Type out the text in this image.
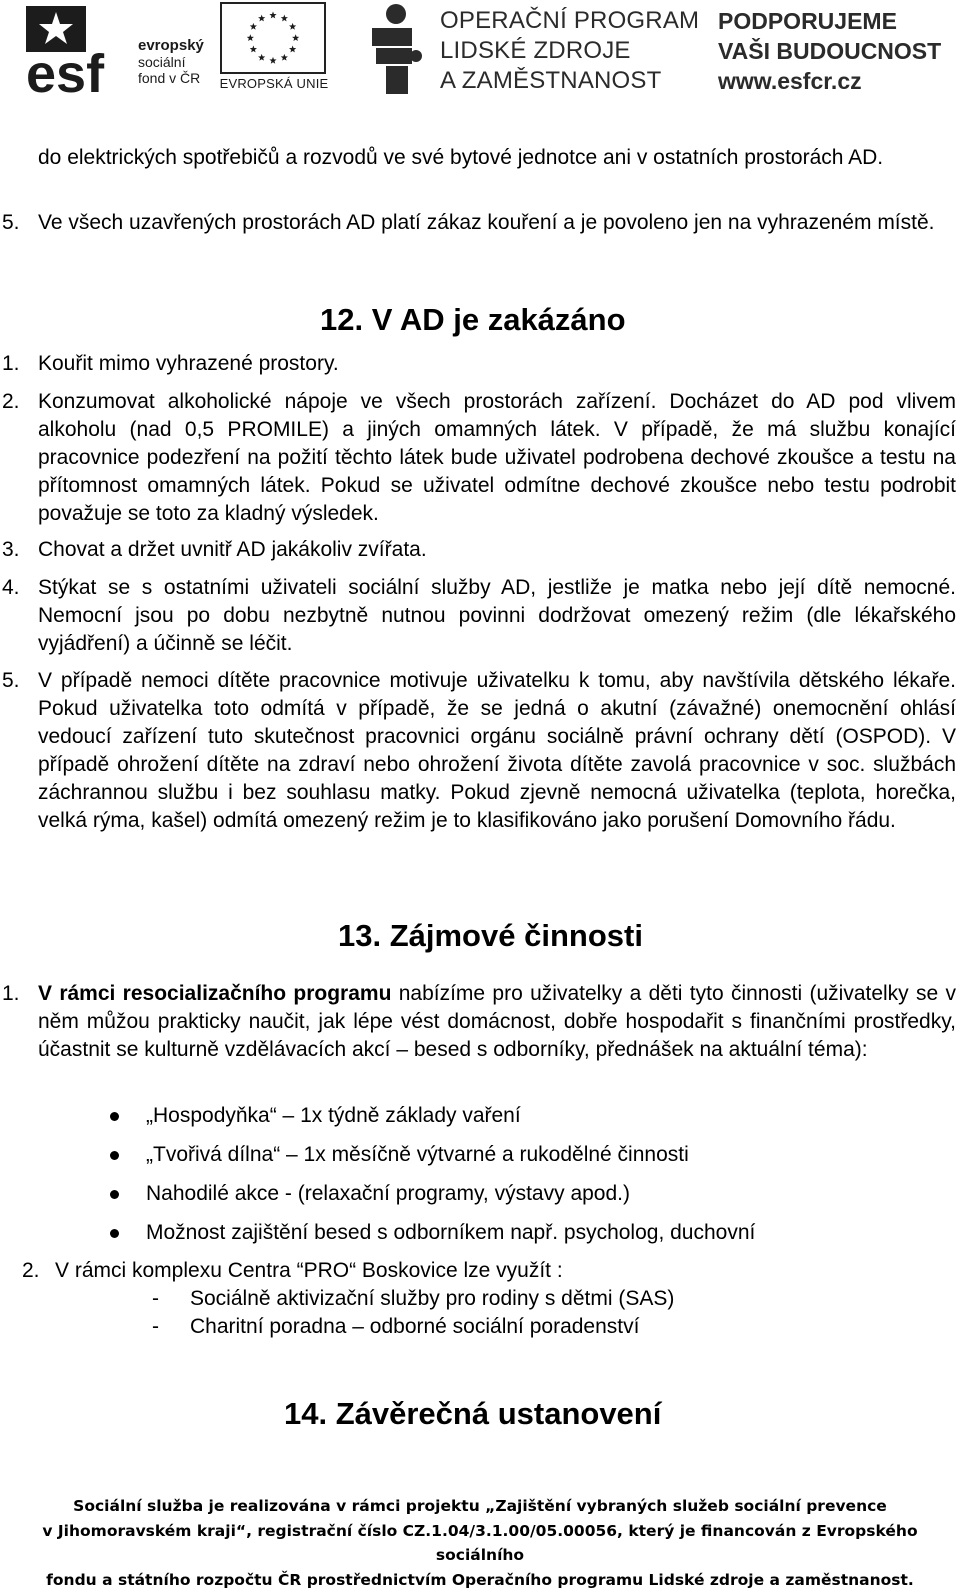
esf evropský
sociální
fond v ČR EVROPSKÁ UNIE
OPERAČNÍ PROGRAM
LIDSKÉ ZDROJE
A ZAMĚSTNANOST
PODPORUJEME
VAŠI BUDOUCNOST
www.esfcr.cz

do elektrických spotřebičů a rozvodů ve své bytové jednotce ani v ostatních prostorách AD.

5. Ve všech uzavřených prostorách AD platí zákaz kouření a je povoleno jen na vyhrazeném místě.

12. V AD je zakázáno
1. Kouřit mimo vyhrazené prostory.
2. Konzumovat alkoholické nápoje ve všech prostorách zařízení. Docházet do AD pod vlivem alkoholu (nad 0,5 PROMILE) a jiných omamných látek. V případě, že má službu konající pracovnice podezření na požití těchto látek bude uživatel podrobena dechové zkoušce a testu na přítomnost omamných látek. Pokud se uživatel odmítne dechové zkoušce nebo testu podrobit považuje se toto za kladný výsledek.

3. Chovat a držet uvnitř AD jakákoliv zvířata.
4. Stýkat se s ostatními uživateli sociální služby AD, jestliže je matka nebo její dítě nemocné. Nemocní jsou po dobu nezbytně nutnou povinni dodržovat omezený režim (dle lékařského vyjádření) a účinně se léčit.

5. V případě nemoci dítěte pracovnice motivuje uživatelku k tomu, aby navštívila dětského lékaře. Pokud uživatelka toto odmítá v případě, že se jedná o akutní (závažné) onemocnění ohlásí vedoucí zařízení tuto skutečnost pracovnici orgánu sociálně právní ochrany dětí (OSPOD). V případě ohrožení dítěte na zdraví nebo ohrožení života dítěte zavolá pracovnice v soc. službách záchrannou službu i bez souhlasu matky. Pokud zjevně nemocná uživatelka (teplota, horečka, velká rýma, kašel) odmítá omezený režim je to klasifikováno jako porušení Domovního řádu.

13. Zájmové činnosti
1. V rámci resocializačního programu nabízíme pro uživatelky a děti tyto činnosti (uživatelky se v něm můžou prakticky naučit, jak lépe vést domácnost, dobře hospodařit s finančními prostředky, účastnit se kulturně vzdělávacích akcí – besed s odborníky, přednášek na aktuální téma):

„Hospodyňka“ – 1x týdně základy vaření
„Tvořivá dílna“ – 1x měsíčně výtvarné a rukodělné činnosti
Nahodilé akce - (relaxační programy, výstavy apod.)
Možnost zajištění besed s odborníkem např. psycholog, duchovní
2. V rámci komplexu Centra “PRO“ Boskovice lze využít :
- Sociálně aktivizační služby pro rodiny s dětmi (SAS)
- Charitní poradna – odborné sociální poradenství
14. Závěrečná ustanovení
Sociální služba je realizována v rámci projektu „Zajištění vybraných služeb sociální prevence
v Jihomoravském kraji“, registrační číslo CZ.1.04/3.1.00/05.00056, který je financován z Evropského sociálního
fondu a státního rozpočtu ČR prostřednictvím Operačního programu Lidské zdroje a zaměstnanost.
